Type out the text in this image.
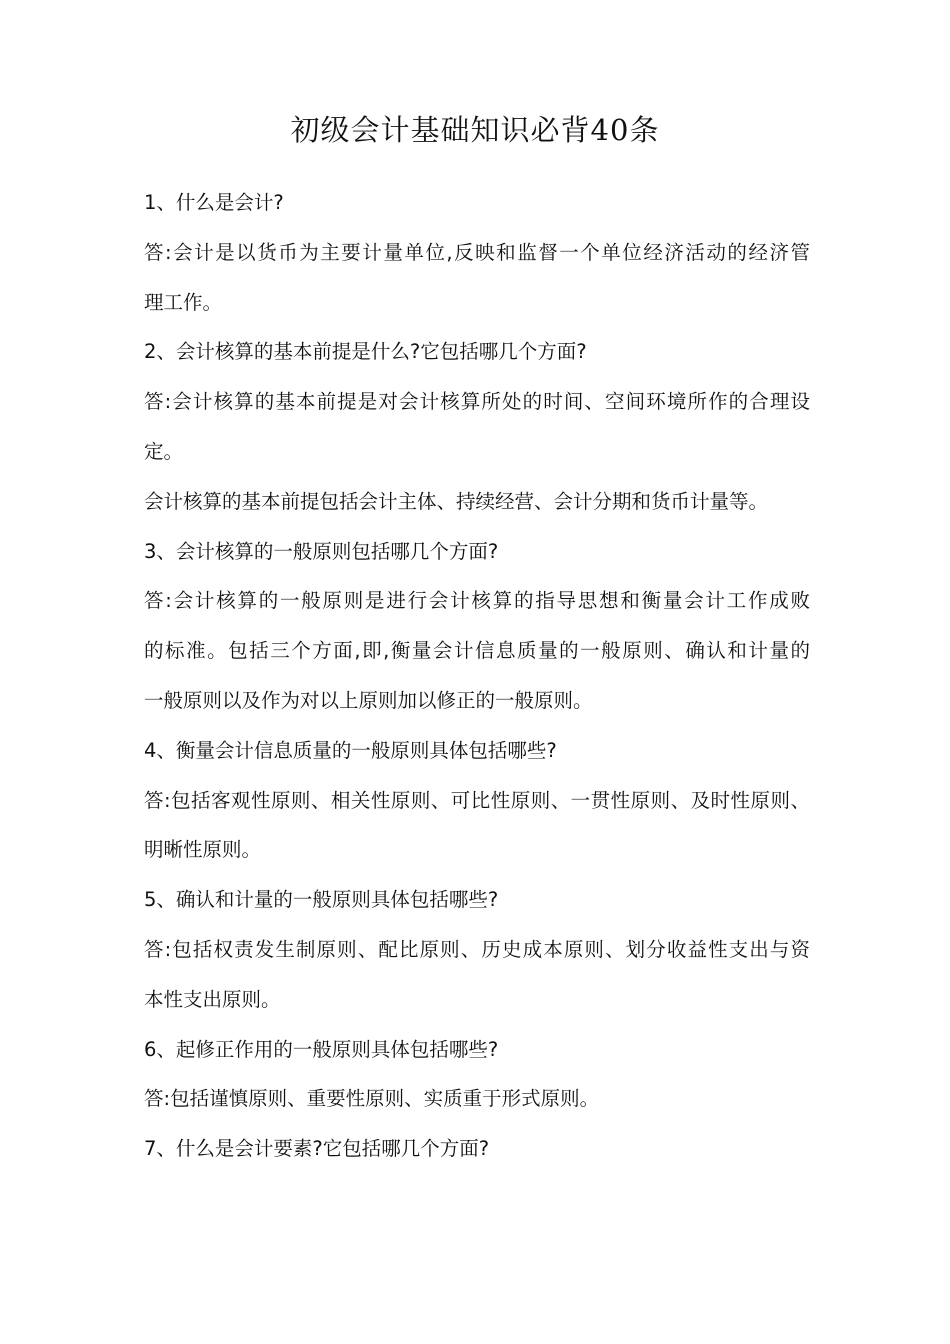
初级会计基础知识必背40条
1、什么是会计?
答:会计是以货币为主要计量单位,反映和监督一个单位经济活动的经济管
理工作。
2、会计核算的基本前提是什么?它包括哪几个方面?
答:会计核算的基本前提是对会计核算所处的时间、空间环境所作的合理设
定。
会计核算的基本前提包括会计主体、持续经营、会计分期和货币计量等。
3、会计核算的一般原则包括哪几个方面?
答:会计核算的一般原则是进行会计核算的指导思想和衡量会计工作成败
的标准。包括三个方面,即,衡量会计信息质量的一般原则、确认和计量的
一般原则以及作为对以上原则加以修正的一般原则。
4、衡量会计信息质量的一般原则具体包括哪些?
答:包括客观性原则、相关性原则、可比性原则、一贯性原则、及时性原则、
明晰性原则。
5、确认和计量的一般原则具体包括哪些?
答:包括权责发生制原则、配比原则、历史成本原则、划分收益性支出与资
本性支出原则。
6、起修正作用的一般原则具体包括哪些?
答:包括谨慎原则、重要性原则、实质重于形式原则。
7、什么是会计要素?它包括哪几个方面?
